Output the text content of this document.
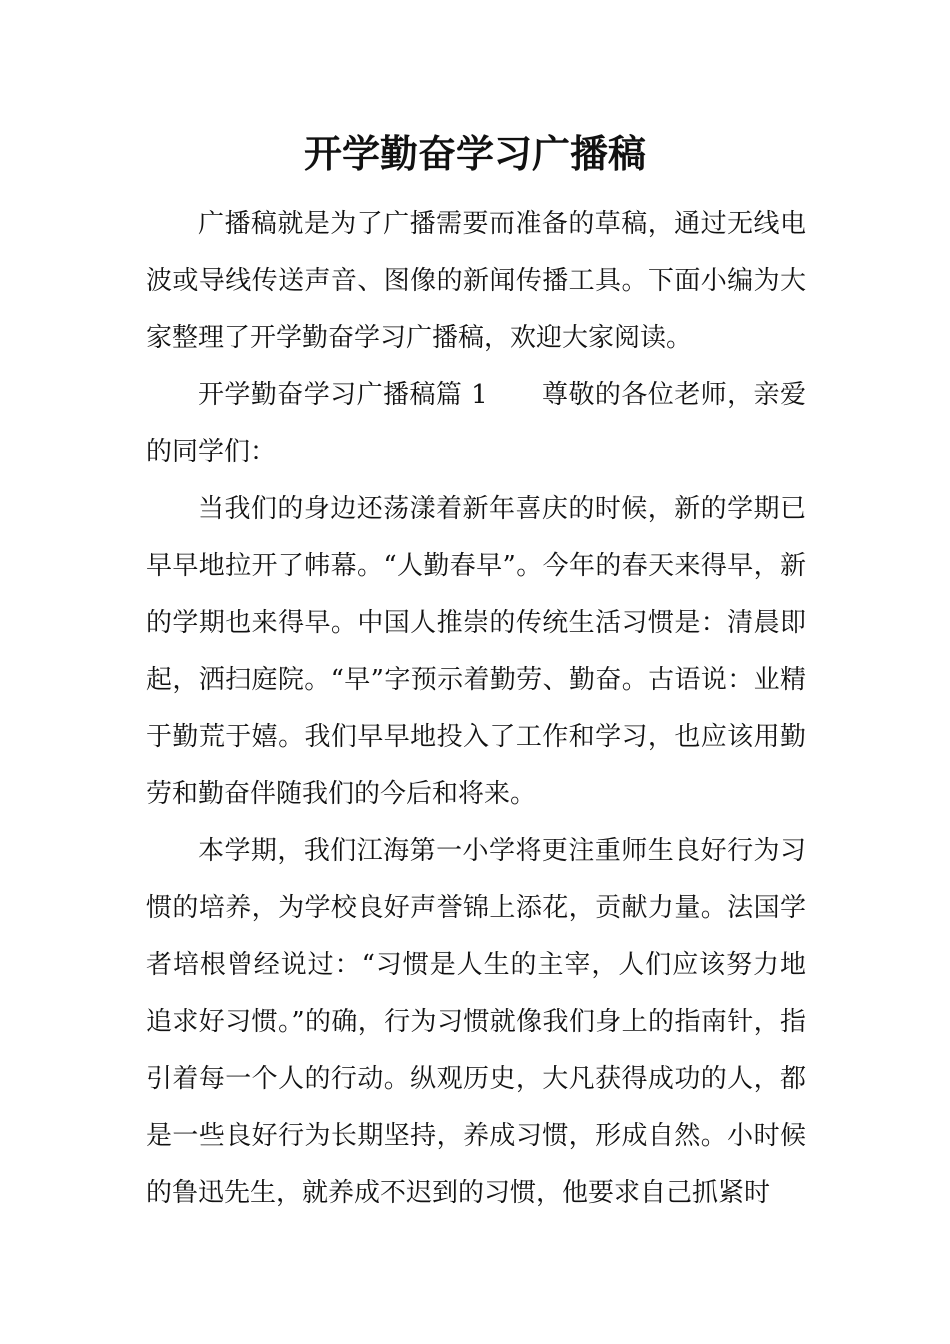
开学勤奋学习广播稿

广播稿就是为了广播需要而准备的草稿，通过无线电波或导线传送声音、图像的新闻传播工具。下面小编为大家整理了开学勤奋学习广播稿，欢迎大家阅读。

开学勤奋学习广播稿篇 1 尊敬的各位老师，亲爱的同学们：

当我们的身边还荡漾着新年喜庆的时候，新的学期已早早地拉开了帏幕。“人勤春早”。今年的春天来得早，新的学期也来得早。中国人推崇的传统生活习惯是：清晨即起，洒扫庭院。“早”字预示着勤劳、勤奋。古语说：业精于勤荒于嬉。我们早早地投入了工作和学习，也应该用勤劳和勤奋伴随我们的今后和将来。

本学期，我们江海第一小学将更注重师生良好行为习惯的培养，为学校良好声誉锦上添花，贡献力量。法国学者培根曾经说过：“习惯是人生的主宰，人们应该努力地追求好习惯。”的确，行为习惯就像我们身上的指南针，指引着每一个人的行动。纵观历史，大凡获得成功的人，都是一些良好行为长期坚持，养成习惯，形成自然。小时候的鲁迅先生，就养成不迟到的习惯，他要求自己抓紧时
